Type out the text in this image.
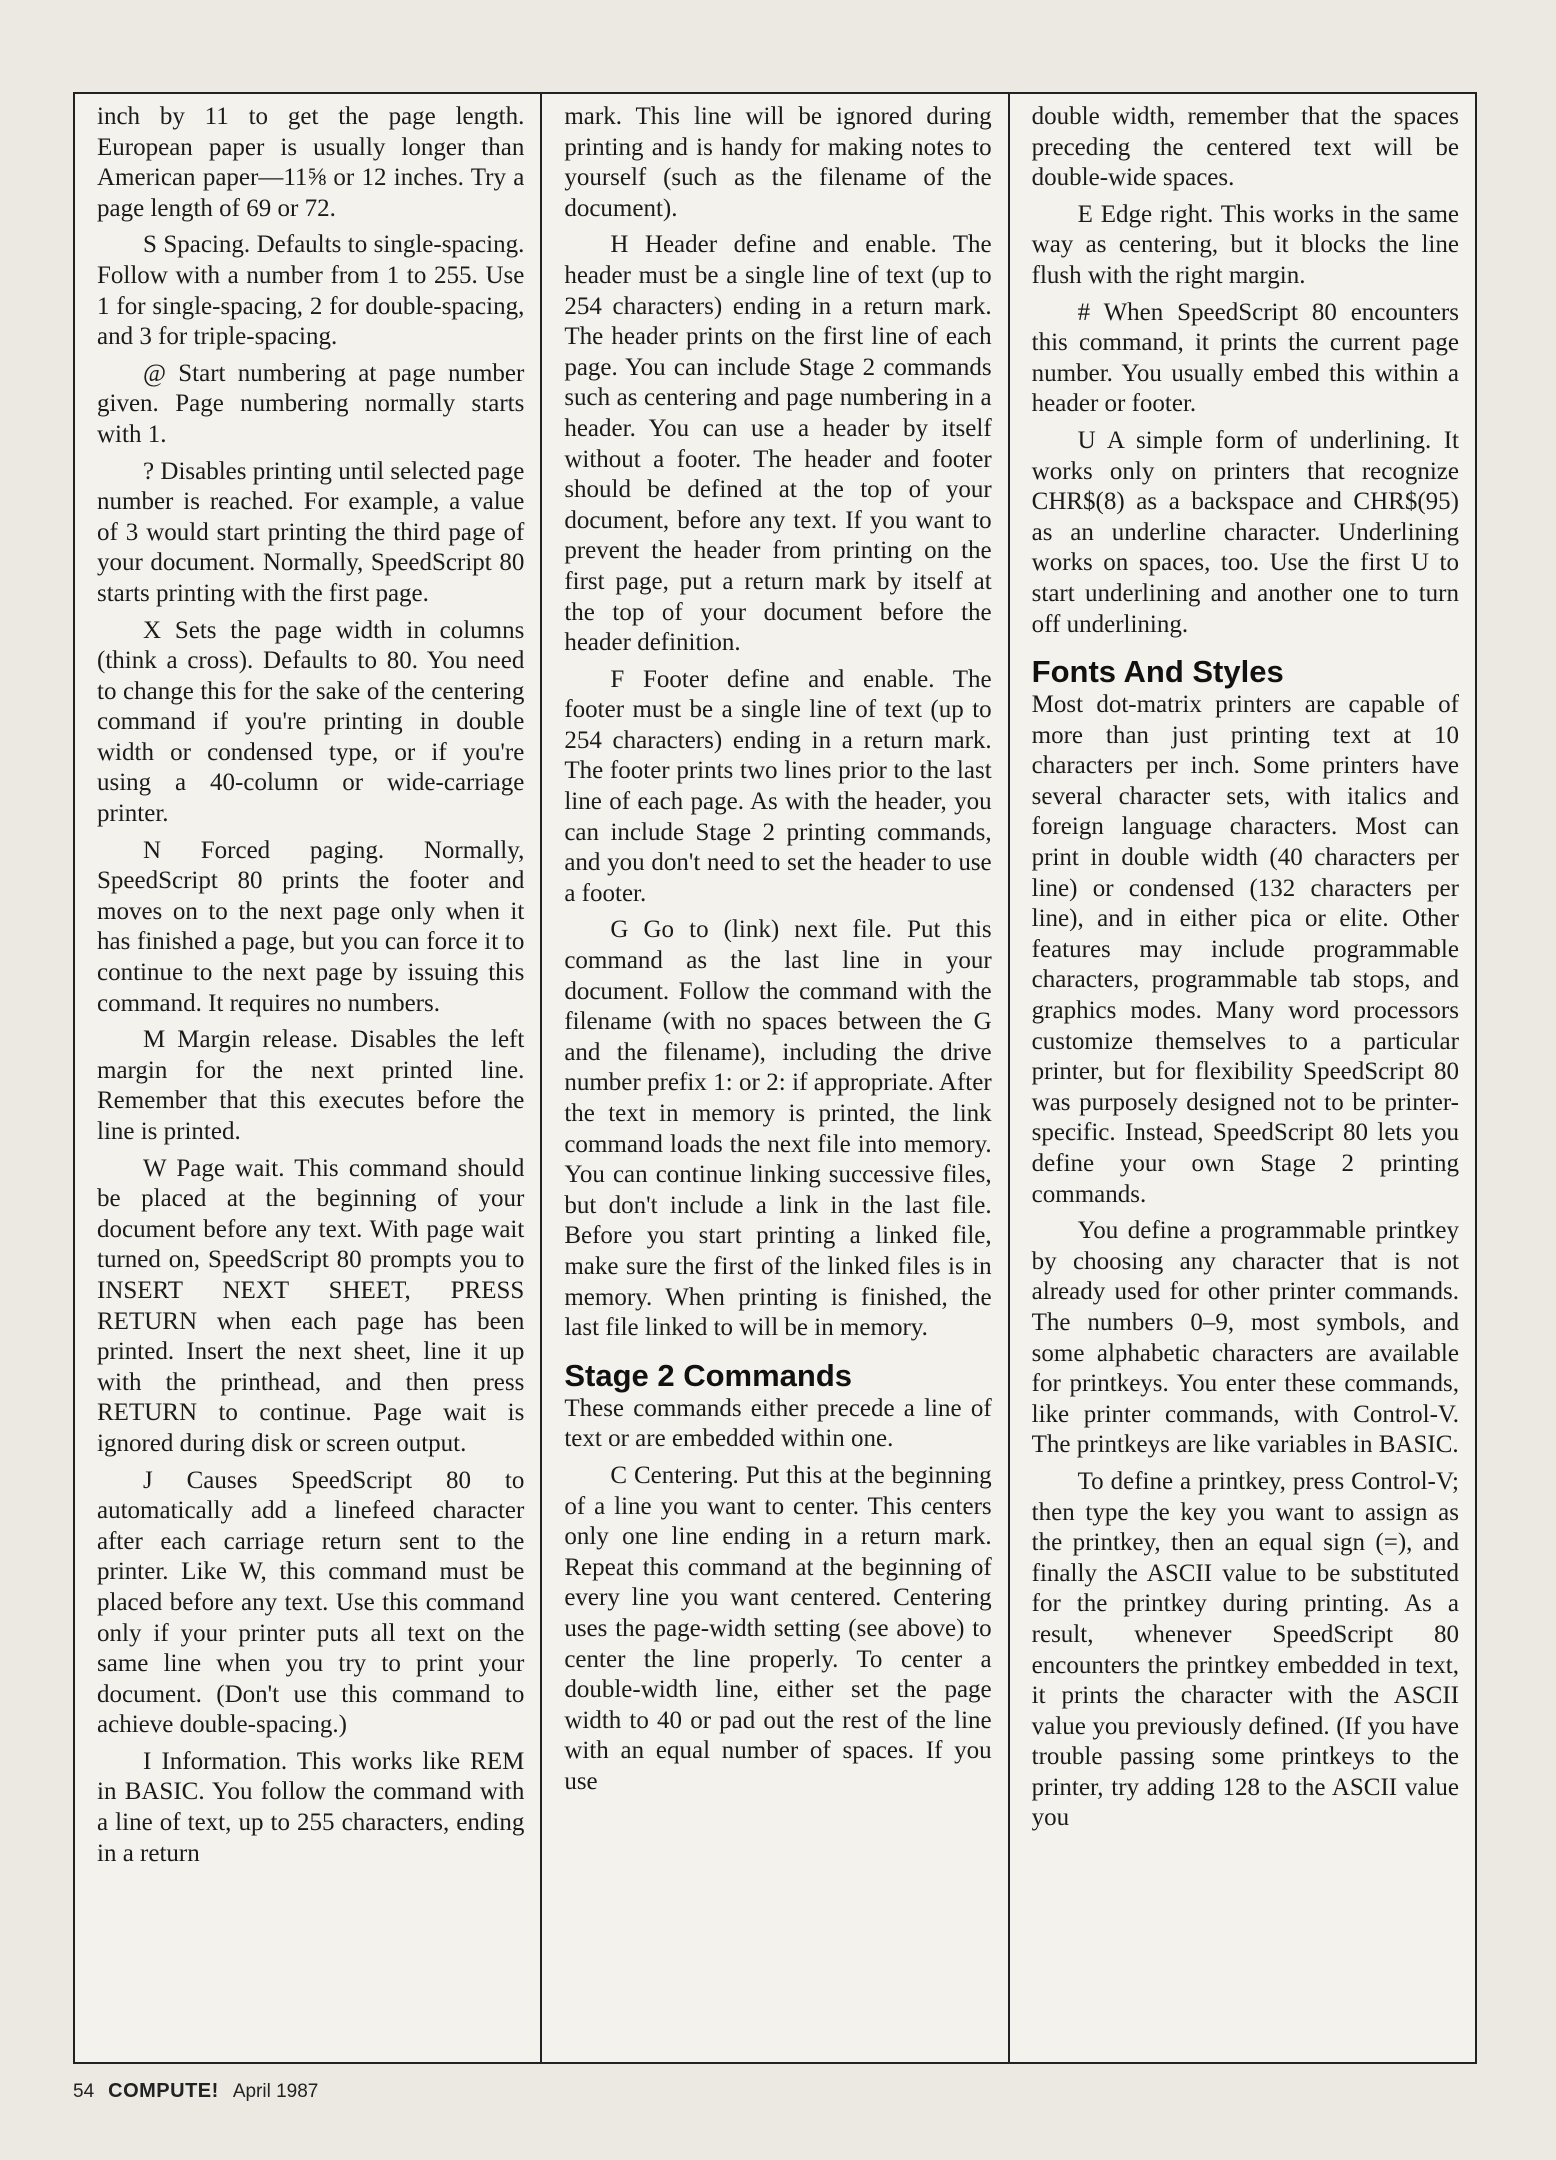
inch by 11 to get the page length. European paper is usually longer than American paper—11⅝ or 12 inches. Try a page length of 69 or 72.

S Spacing. Defaults to single-spacing. Follow with a number from 1 to 255. Use 1 for single-spacing, 2 for double-spacing, and 3 for triple-spacing.

@ Start numbering at page number given. Page numbering normally starts with 1.

? Disables printing until selected page number is reached. For example, a value of 3 would start printing the third page of your document. Normally, SpeedScript 80 starts printing with the first page.

X Sets the page width in columns (think a cross). Defaults to 80. You need to change this for the sake of the centering command if you're printing in double width or condensed type, or if you're using a 40-column or wide-carriage printer.

N Forced paging. Normally, SpeedScript 80 prints the footer and moves on to the next page only when it has finished a page, but you can force it to continue to the next page by issuing this command. It requires no numbers.

M Margin release. Disables the left margin for the next printed line. Remember that this executes before the line is printed.

W Page wait. This command should be placed at the beginning of your document before any text. With page wait turned on, SpeedScript 80 prompts you to INSERT NEXT SHEET, PRESS RETURN when each page has been printed. Insert the next sheet, line it up with the printhead, and then press RETURN to continue. Page wait is ignored during disk or screen output.

J Causes SpeedScript 80 to automatically add a linefeed character after each carriage return sent to the printer. Like W, this command must be placed before any text. Use this command only if your printer puts all text on the same line when you try to print your document. (Don't use this command to achieve double-spacing.)

I Information. This works like REM in BASIC. You follow the command with a line of text, up to 255 characters, ending in a return

mark. This line will be ignored during printing and is handy for making notes to yourself (such as the filename of the document).

H Header define and enable. The header must be a single line of text (up to 254 characters) ending in a return mark. The header prints on the first line of each page. You can include Stage 2 commands such as centering and page numbering in a header. You can use a header by itself without a footer. The header and footer should be defined at the top of your document, before any text. If you want to prevent the header from printing on the first page, put a return mark by itself at the top of your document before the header definition.

F Footer define and enable. The footer must be a single line of text (up to 254 characters) ending in a return mark. The footer prints two lines prior to the last line of each page. As with the header, you can include Stage 2 printing commands, and you don't need to set the header to use a footer.

G Go to (link) next file. Put this command as the last line in your document. Follow the command with the filename (with no spaces between the G and the filename), including the drive number prefix 1: or 2: if appropriate. After the text in memory is printed, the link command loads the next file into memory. You can continue linking successive files, but don't include a link in the last file. Before you start printing a linked file, make sure the first of the linked files is in memory. When printing is finished, the last file linked to will be in memory.

Stage 2 Commands

These commands either precede a line of text or are embedded within one.

C Centering. Put this at the beginning of a line you want to center. This centers only one line ending in a return mark. Repeat this command at the beginning of every line you want centered. Centering uses the page-width setting (see above) to center the line properly. To center a double-width line, either set the page width to 40 or pad out the rest of the line with an equal number of spaces. If you use

double width, remember that the spaces preceding the centered text will be double-wide spaces.

E Edge right. This works in the same way as centering, but it blocks the line flush with the right margin.

# When SpeedScript 80 encounters this command, it prints the current page number. You usually embed this within a header or footer.

U A simple form of underlining. It works only on printers that recognize CHR$(8) as a backspace and CHR$(95) as an underline character. Underlining works on spaces, too. Use the first U to start underlining and another one to turn off underlining.

Fonts And Styles

Most dot-matrix printers are capable of more than just printing text at 10 characters per inch. Some printers have several character sets, with italics and foreign language characters. Most can print in double width (40 characters per line) or condensed (132 characters per line), and in either pica or elite. Other features may include programmable characters, programmable tab stops, and graphics modes. Many word processors customize themselves to a particular printer, but for flexibility SpeedScript 80 was purposely designed not to be printer-specific. Instead, SpeedScript 80 lets you define your own Stage 2 printing commands.

You define a programmable printkey by choosing any character that is not already used for other printer commands. The numbers 0–9, most symbols, and some alphabetic characters are available for printkeys. You enter these commands, like printer commands, with Control-V. The printkeys are like variables in BASIC.

To define a printkey, press Control-V; then type the key you want to assign as the printkey, then an equal sign (=), and finally the ASCII value to be substituted for the printkey during printing. As a result, whenever SpeedScript 80 encounters the printkey embedded in text, it prints the character with the ASCII value you previously defined. (If you have trouble passing some printkeys to the printer, try adding 128 to the ASCII value you

54 COMPUTE! April 1987
